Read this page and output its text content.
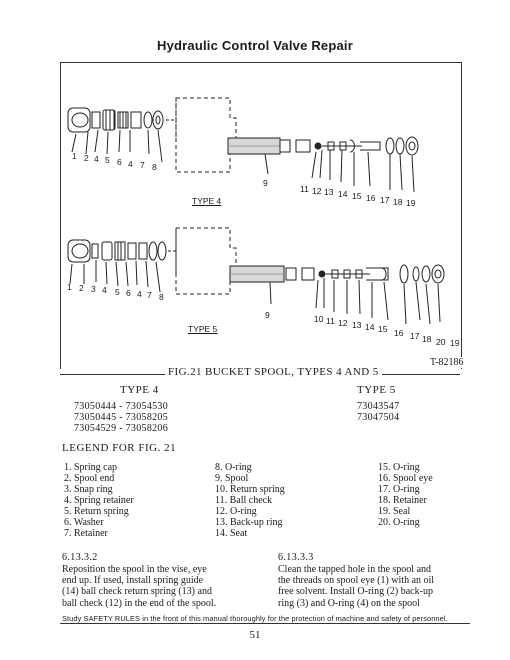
Hydraulic Control Valve Repair
1 2 4 5 6 4 7 8
9
11 12 13 14 15 16 17 18 19
TYPE 4
1 2 3 4 5 6 4 7 8
9	10 11 12 13 14 15 16 17 18 20 19
TYPE 5
T-82186
FIG.21 BUCKET SPOOL, TYPES 4 AND 5
TYPE 4
73050444 - 73054530
73050445 - 73058205
73054529 - 73058206
TYPE 5
73043547
73047504
LEGEND FOR FIG. 21
1. Spring cap
2. Spool end
3. Snap ring
4. Spring retainer
5. Return spring
6. Washer
7. Retainer
8. O-ring
9. Spool
10. Return spring
11. Ball check
12. O-ring
13. Back-up ring
14. Seat
15. O-ring
16. Spool eye
17. O-ring
18. Retainer
19. Seal
20. O-ring
6.13.3.2
Reposition the spool in the vise, eye
end up. If used, install spring guide
(14) ball check return spring (13) and
ball check (12) in the end of the spool.
6.13.3.3
Clean the tapped hole in the spool and
the threads on spool eye (1) with an oil
free solvent. Install O-ring (2) back-up
ring (3) and O-ring (4) on the spool
Study SAFETY RULES in the front of this manual thoroughly for the protection of machine and safety of personnel.
51
